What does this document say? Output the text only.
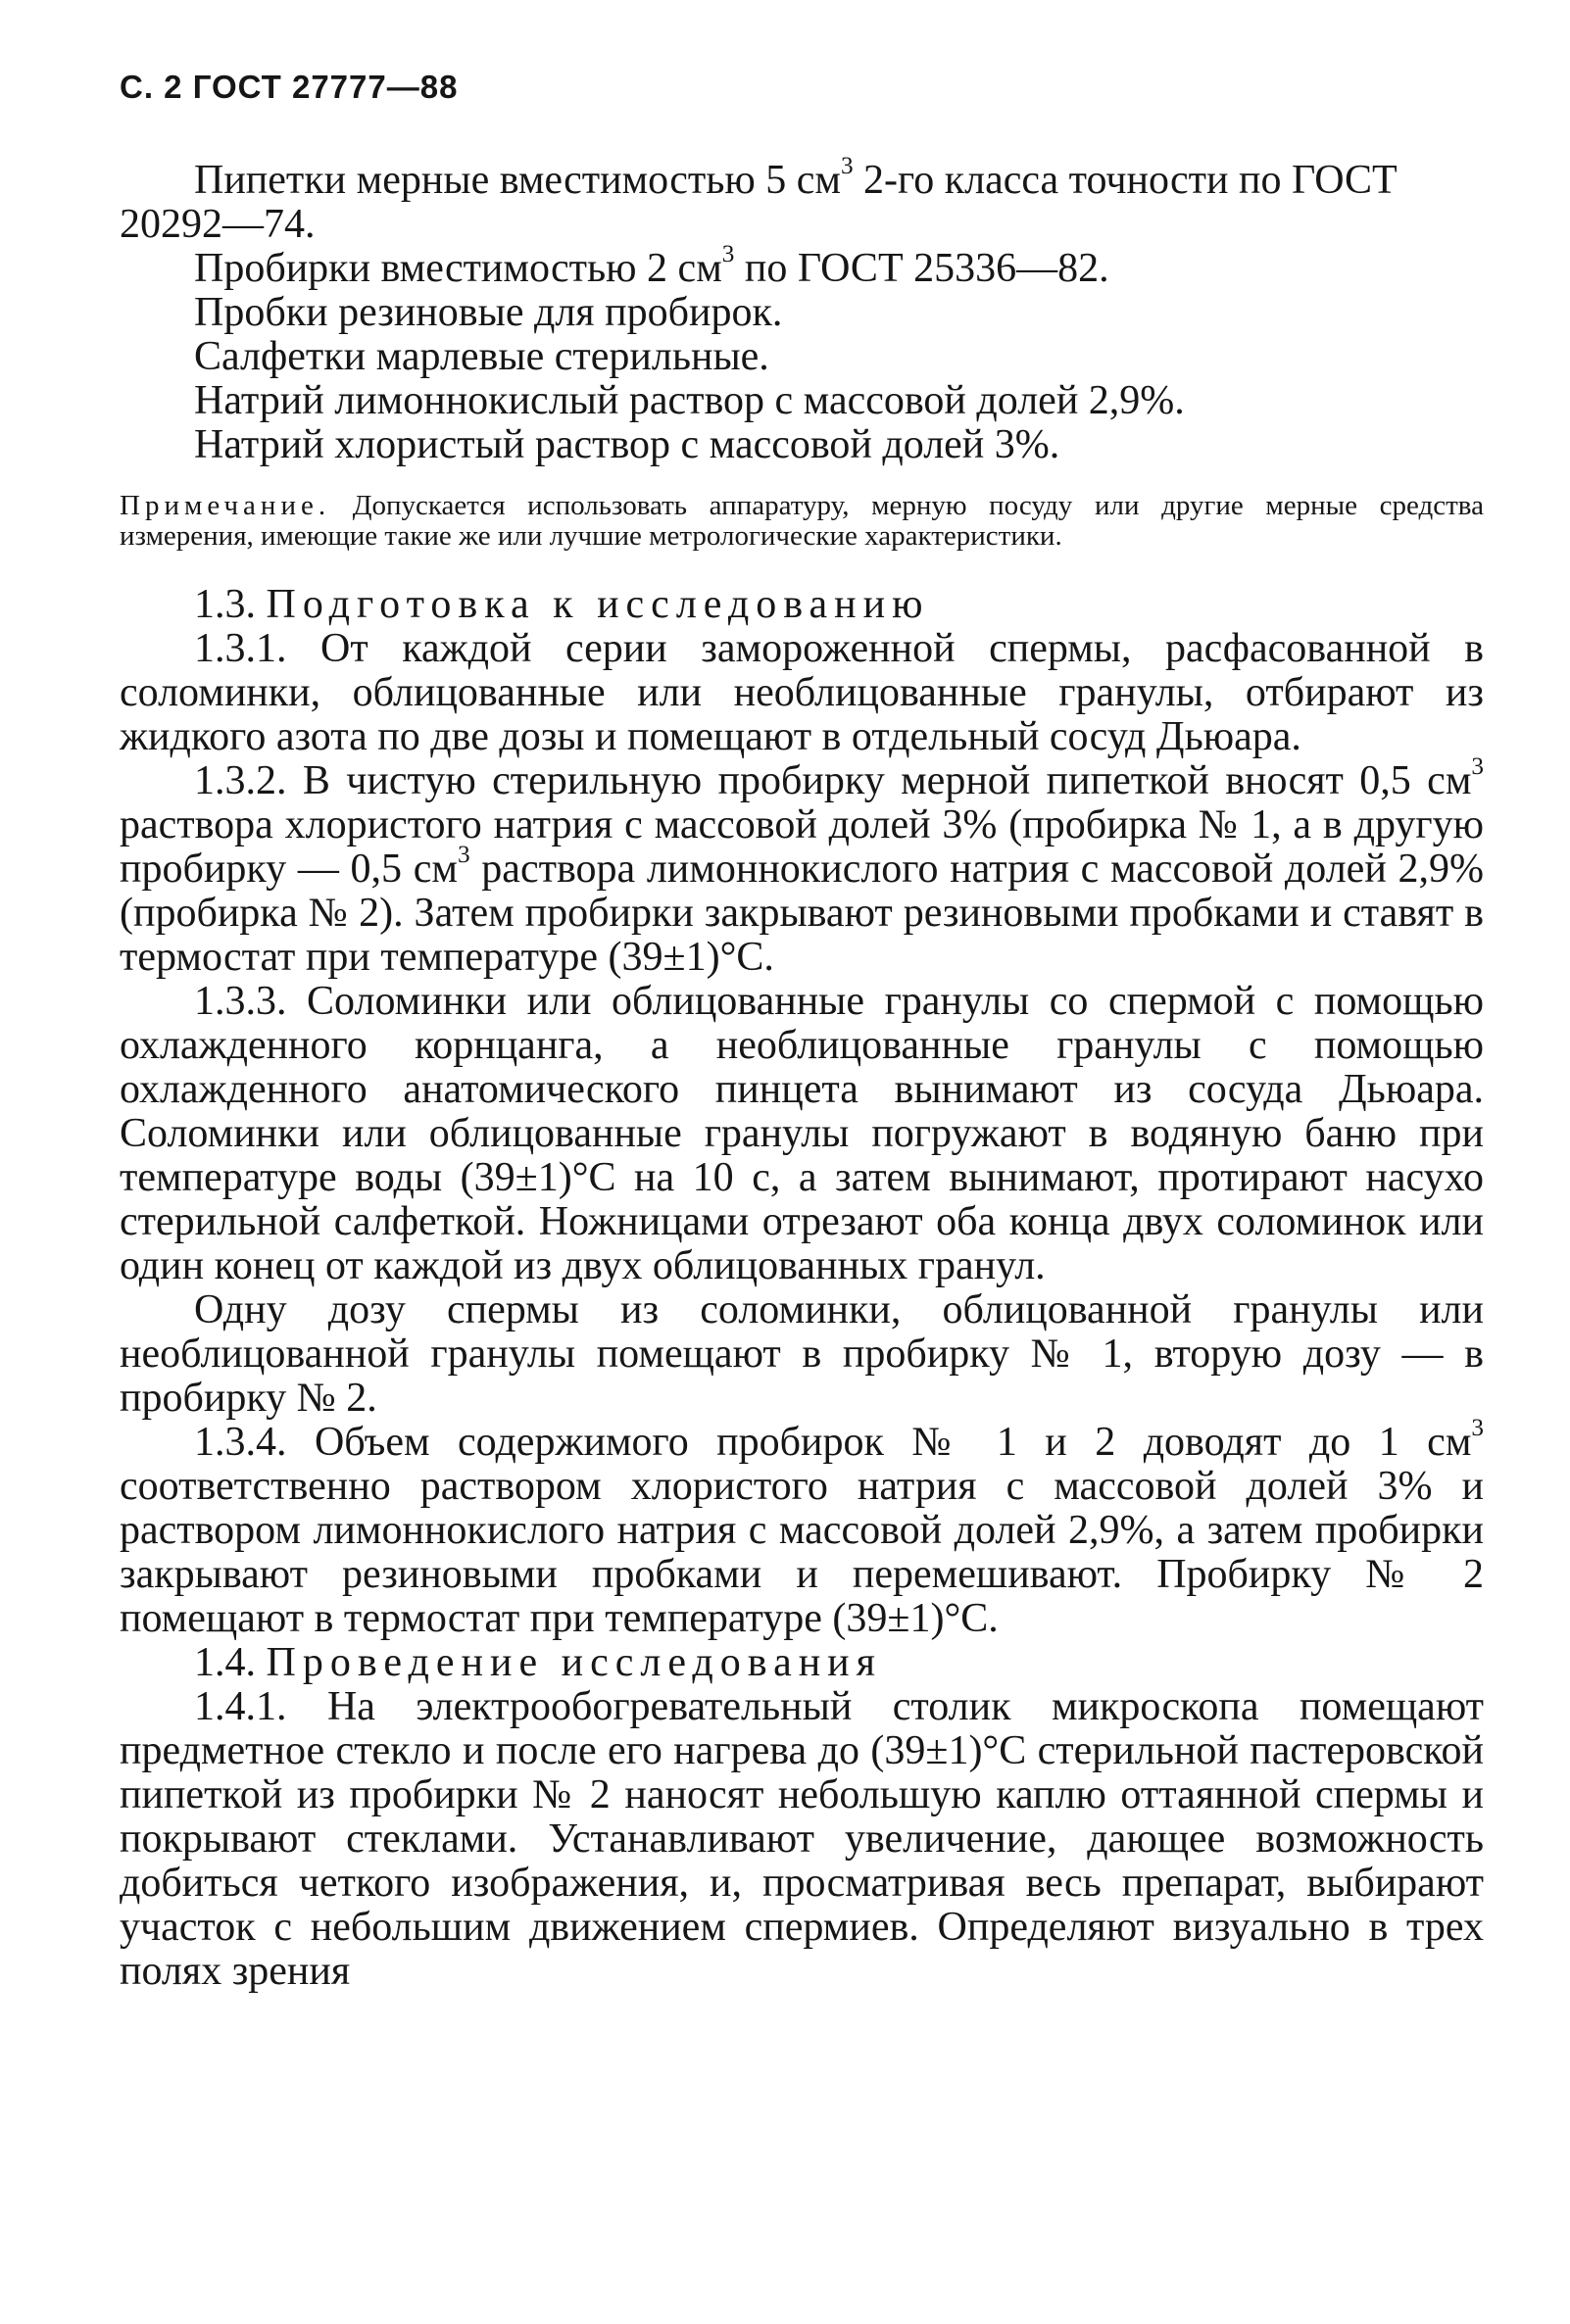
С. 2 ГОСТ 27777—88

Пипетки мерные вместимостью 5 $см^3$ 2-го класса точности по ГОСТ 20292—74.

Пробирки вместимостью 2 $см^3$ по ГОСТ 25336—82.

Пробки резиновые для пробирок.

Салфетки марлевые стерильные.

Натрий лимоннокислый раствор с массовой долей 2,9%.

Натрий хлористый раствор с массовой долей 3%.

Примечание. Допускается использовать аппаратуру, мерную посуду или другие мерные средства измерения, имеющие такие же или лучшие метрологические характеристики.

1.3. Подготовка к исследованию

1.3.1. От каждой серии замороженной спермы, расфасованной в соломинки, облицованные или необлицованные гранулы, отбирают из жидкого азота по две дозы и помещают в отдельный сосуд Дьюара.

1.3.2. В чистую стерильную пробирку мерной пипеткой вносят 0,5 $см^3$ раствора хлористого натрия с массовой долей 3% (пробирка № 1, а в другую пробирку — 0,5 $см^3$ раствора лимоннокислого натрия с массовой долей 2,9% (пробирка № 2). Затем пробирки закрывают резиновыми пробками и ставят в термостат при температуре (39±1)°С.

1.3.3. Соломинки или облицованные гранулы со спермой с помощью охлажденного корнцанга, а необлицованные гранулы с помощью охлажденного анатомического пинцета вынимают из сосуда Дьюара. Соломинки или облицованные гранулы погружают в водяную баню при температуре воды (39±1)°С на 10 с, а затем вынимают, протирают насухо стерильной салфеткой. Ножницами отрезают оба конца двух соломинок или один конец от каждой из двух облицованных гранул.

Одну дозу спермы из соломинки, облицованной гранулы или необлицованной гранулы помещают в пробирку № 1, вторую дозу — в пробирку № 2.

1.3.4. Объем содержимого пробирок № 1 и 2 доводят до 1 $см^3$ соответственно раствором хлористого натрия с массовой долей 3% и раствором лимоннокислого натрия с массовой долей 2,9%, а затем пробирки закрывают резиновыми пробками и перемешивают. Пробирку № 2 помещают в термостат при температуре (39±1)°С.

1.4. Проведение исследования

1.4.1. На электрообогревательный столик микроскопа помещают предметное стекло и после его нагрева до (39±1)°С стерильной пастеровской пипеткой из пробирки № 2 наносят небольшую каплю оттаянной спермы и покрывают стеклами. Устанавливают увеличение, дающее возможность добиться четкого изображения, и, просматривая весь препарат, выбирают участок с небольшим движением спермиев. Определяют визуально в трех полях зрения
